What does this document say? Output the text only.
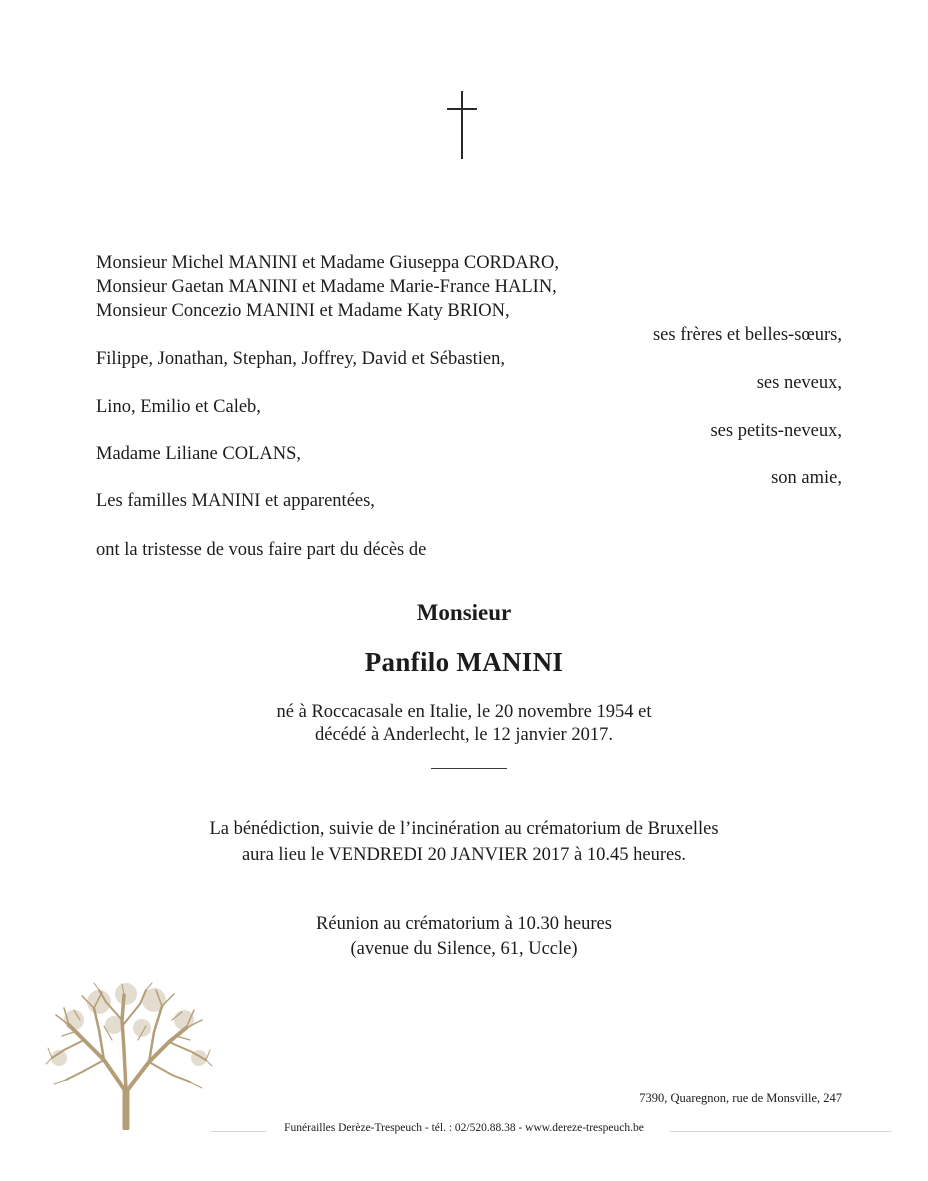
Monsieur Michel MANINI et Madame Giuseppa CORDARO,
Monsieur Gaetan MANINI et Madame Marie-France HALIN,
Monsieur Concezio MANINI et Madame Katy BRION,
ses frères et belles-sœurs,
Filippe, Jonathan, Stephan, Joffrey, David et Sébastien,
ses neveux,
Lino, Emilio et Caleb,
ses petits-neveux,
Madame Liliane COLANS,
son amie,
Les familles MANINI et apparentées,
ont la tristesse de vous faire part du décès de
Monsieur
Panfilo MANINI
né à Roccacasale en Italie, le 20 novembre 1954 et
décédé à Anderlecht, le 12 janvier 2017.
La bénédiction, suivie de l’incinération au crématorium de Bruxelles
aura lieu le VENDREDI 20 JANVIER 2017 à 10.45 heures.
Réunion au crématorium à 10.30 heures
(avenue du Silence, 61, Uccle)
7390, Quaregnon, rue de Monsville, 247
Funérailles Derèze-Trespeuch - tél. : 02/520.88.38 - www.dereze-trespeuch.be
